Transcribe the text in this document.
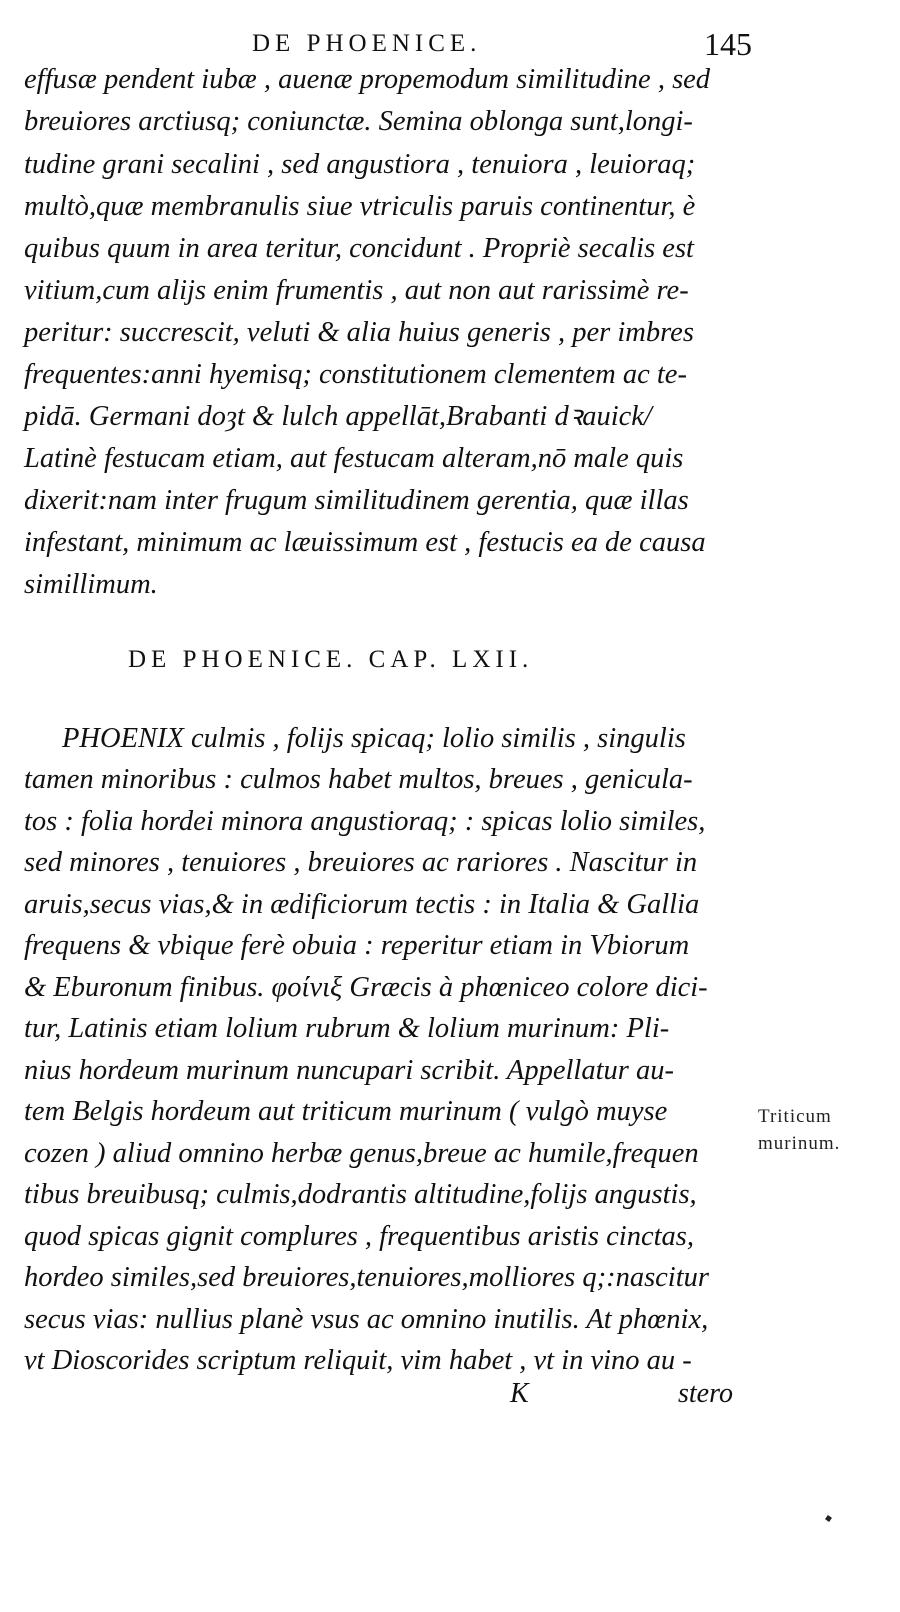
DE PHOENICE.	145
effusæ pendent iubæ , auenæ propemodum similitudine , sed
breuiores arctiusq; coniunctæ. Semina oblonga sunt,longi-
tudine grani secalini , sed angustiora , tenuiora , leuioraq;
multò,quæ membranulis siue vtriculis paruis continentur, è
quibus quum in area teritur, concidunt . Propriè secalis est
vitium,cum alijs enim frumentis , aut non aut rarissimè re-
peritur: succrescit, veluti & alia huius generis , per imbres
frequentes:anni hyemisq; constitutionem clementem ac te-
pidā. Germani doȝt & lulch appellāt,Brabanti dꝛauick/
Latinè festucam etiam, aut festucam alteram,nō male quis
dixerit:nam inter frugum similitudinem gerentia, quæ illas
infestant, minimum ac læuissimum est , festucis ea de causa
simillimum.
DE PHOENICE. CAP. LXII.
PHOENIX culmis , folijs spicaq; lolio similis , singulis
tamen minoribus : culmos habet multos, breues , genicula-
tos : folia hordei minora angustioraq; : spicas lolio similes,
sed minores , tenuiores , breuiores ac rariores . Nascitur in
aruis,secus vias,& in ædificiorum tectis : in Italia & Gallia
frequens & vbique ferè obuia : reperitur etiam in Vbiorum
& Eburonum finibus. φοίνιξ Græcis à phœniceo colore dici-
tur, Latinis etiam lolium rubrum & lolium murinum: Pli-
nius hordeum murinum nuncupari scribit. Appellatur au-
tem Belgis hordeum aut triticum murinum ( vulgò muyse
cozen ) aliud omnino herbæ genus,breue ac humile,frequen
tibus breuibusq; culmis,dodrantis altitudine,folijs angustis,
quod spicas gignit complures , frequentibus aristis cinctas,
hordeo similes,sed breuiores,tenuiores,molliores q;:nascitur
secus vias: nullius planè vsus ac omnino inutilis. At phœnix,
vt Dioscorides scriptum reliquit, vim habet , vt in vino au -
Triticum
murinum.
K	stero
